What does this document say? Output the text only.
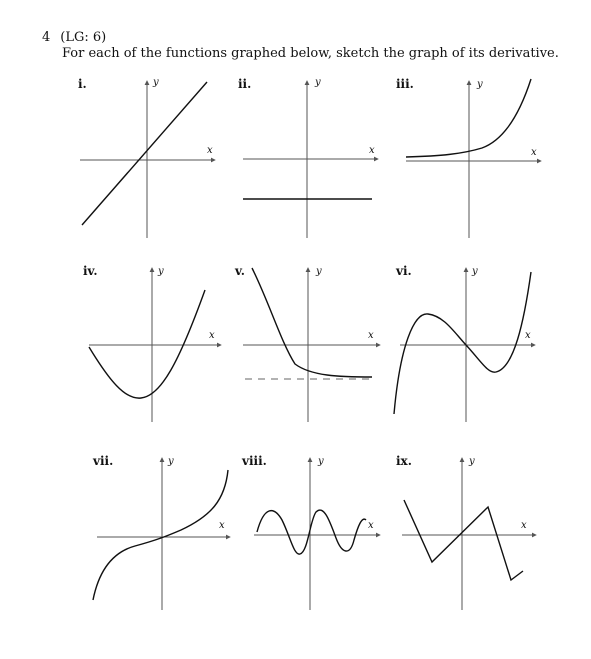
4 (LG: 6)
For each of the functions graphed below, sketch the graph of its derivative.
i.	y
x
ii.	y
x
iii.	y
x
iv.	y
x
v.	y
x
vi.	y
x
vii.	y
x
viii.	y
x
ix.	y
x
